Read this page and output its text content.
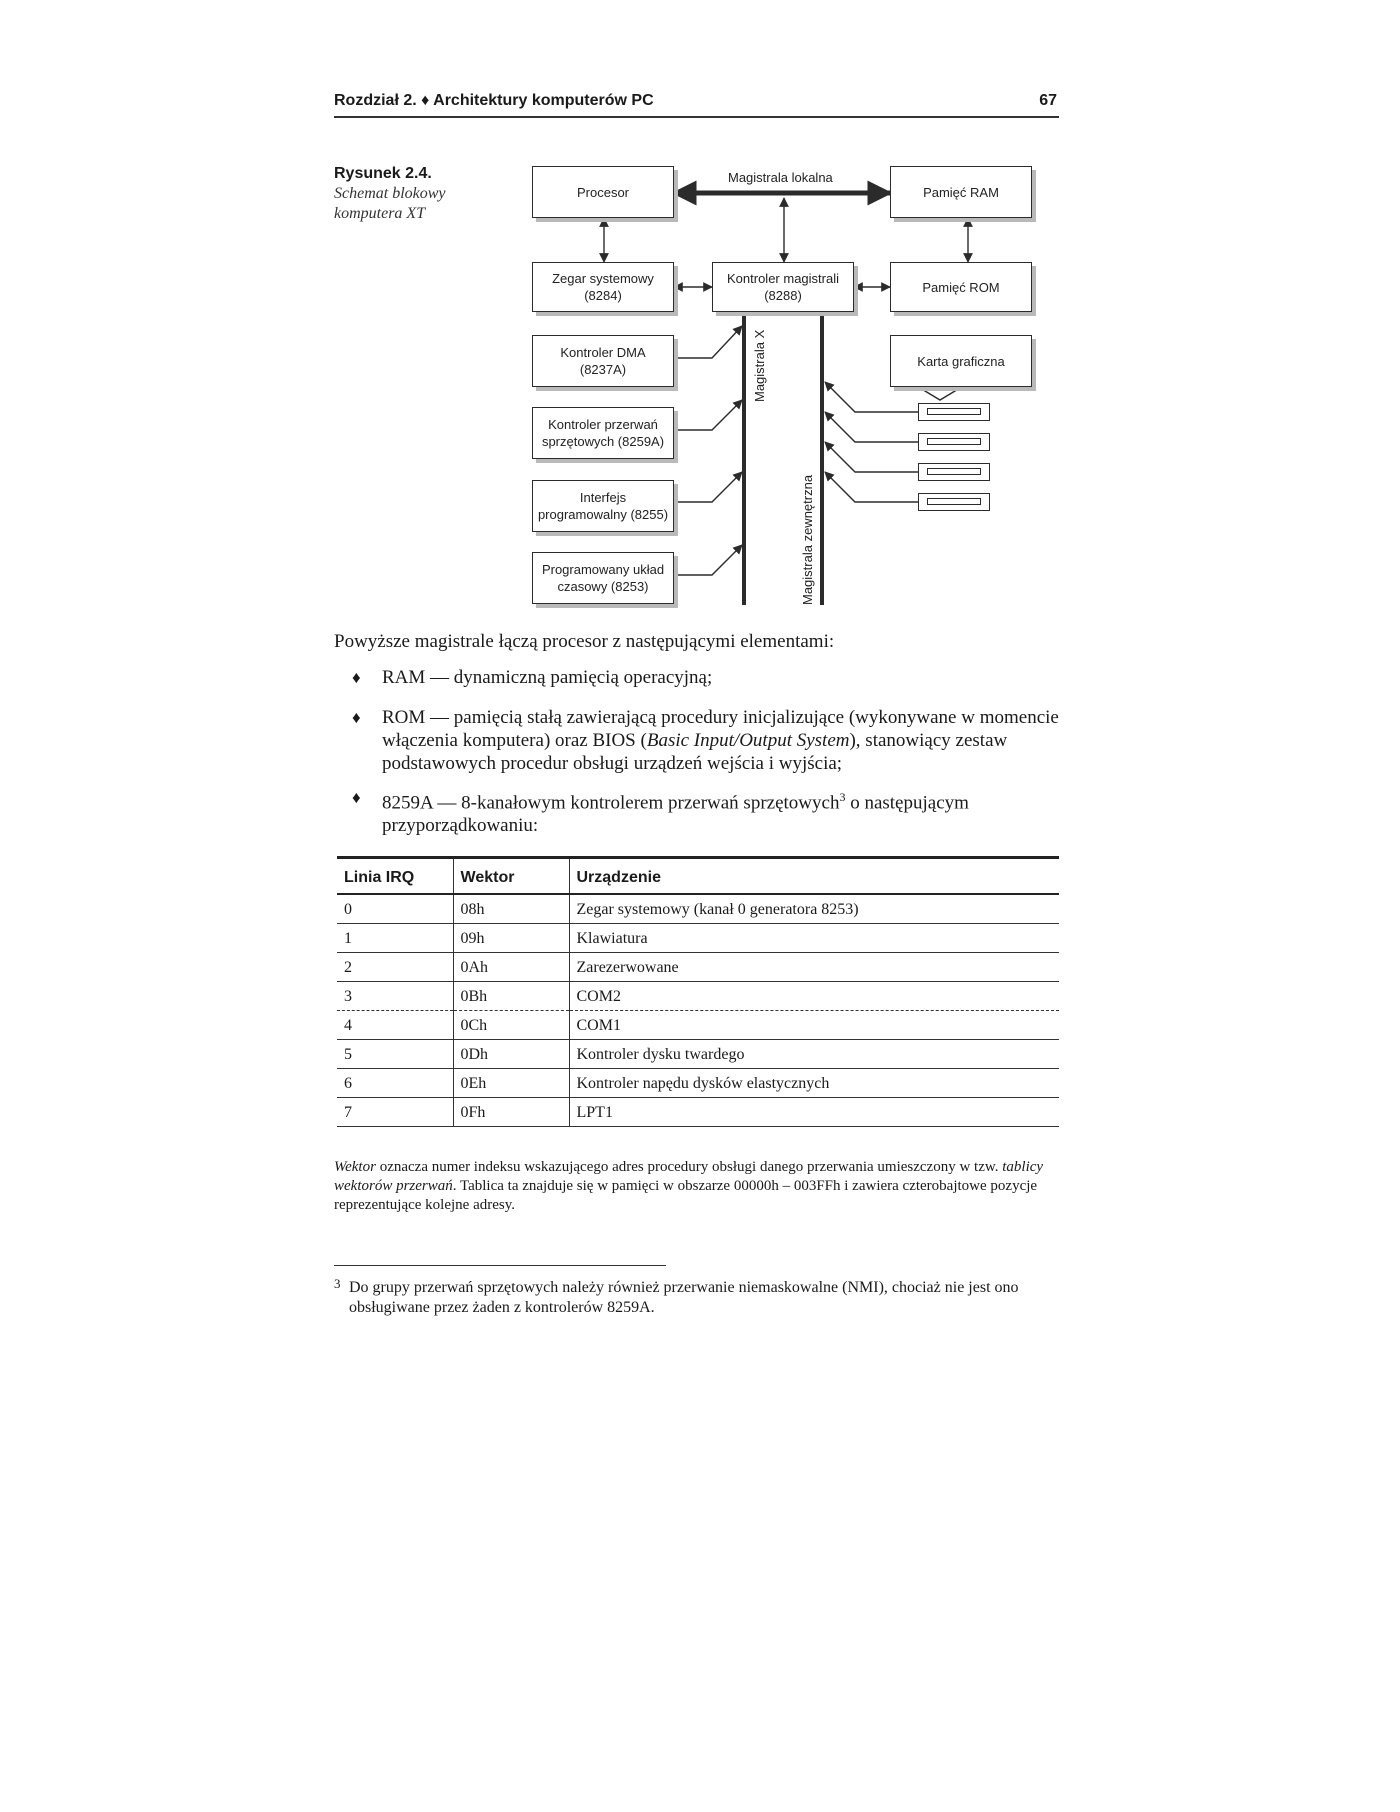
Rozdział 2. ♦ Architektury komputerów PC	67
Rysunek 2.4.
Schemat blokowy
komputera XT
Magistrala lokalna
Procesor	Pamięć RAM
Zegar systemowy
(8284)
Kontroler magistrali
(8288)
Pamięć ROM
Kontroler DMA
(8237A)
Karta graficzna
Kontroler przerwań
sprzętowych (8259A)
Interfejs
programowalny (8255)
Programowany układ
czasowy (8253)
Magistrala X
Magistrala zewnętrzna
Powyższe magistrale łączą procesor z następującymi elementami:
♦ RAM — dynamiczną pamięcią operacyjną;
♦ ROM — pamięcią stałą zawierającą procedury inicjalizujące (wykonywane w momencie włączenia komputera) oraz BIOS (Basic Input/Output System), stanowiący zestaw podstawowych procedur obsługi urządzeń wejścia i wyjścia;
♦ 8259A — 8-kanałowym kontrolerem przerwań sprzętowych$^3$ o następującym przyporządkowaniu:
Linia IRQ	Wektor	Urządzenie
0	08h	Zegar systemowy (kanał 0 generatora 8253)
1	09h	Klawiatura
2	0Ah	Zarezerwowane
3	0Bh	COM2
4	0Ch	COM1
5	0Dh	Kontroler dysku twardego
6	0Eh	Kontroler napędu dysków elastycznych
7	0Fh	LPT1
Wektor oznacza numer indeksu wskazującego adres procedury obsługi danego przerwania umieszczony w tzw. tablicy wektorów przerwań. Tablica ta znajduje się w pamięci w obszarze 00000h – 003FFh i zawiera czterobajtowe pozycje reprezentujące kolejne adresy.
3 Do grupy przerwań sprzętowych należy również przerwanie niemaskowalne (NMI), chociaż nie jest ono obsługiwane przez żaden z kontrolerów 8259A.
